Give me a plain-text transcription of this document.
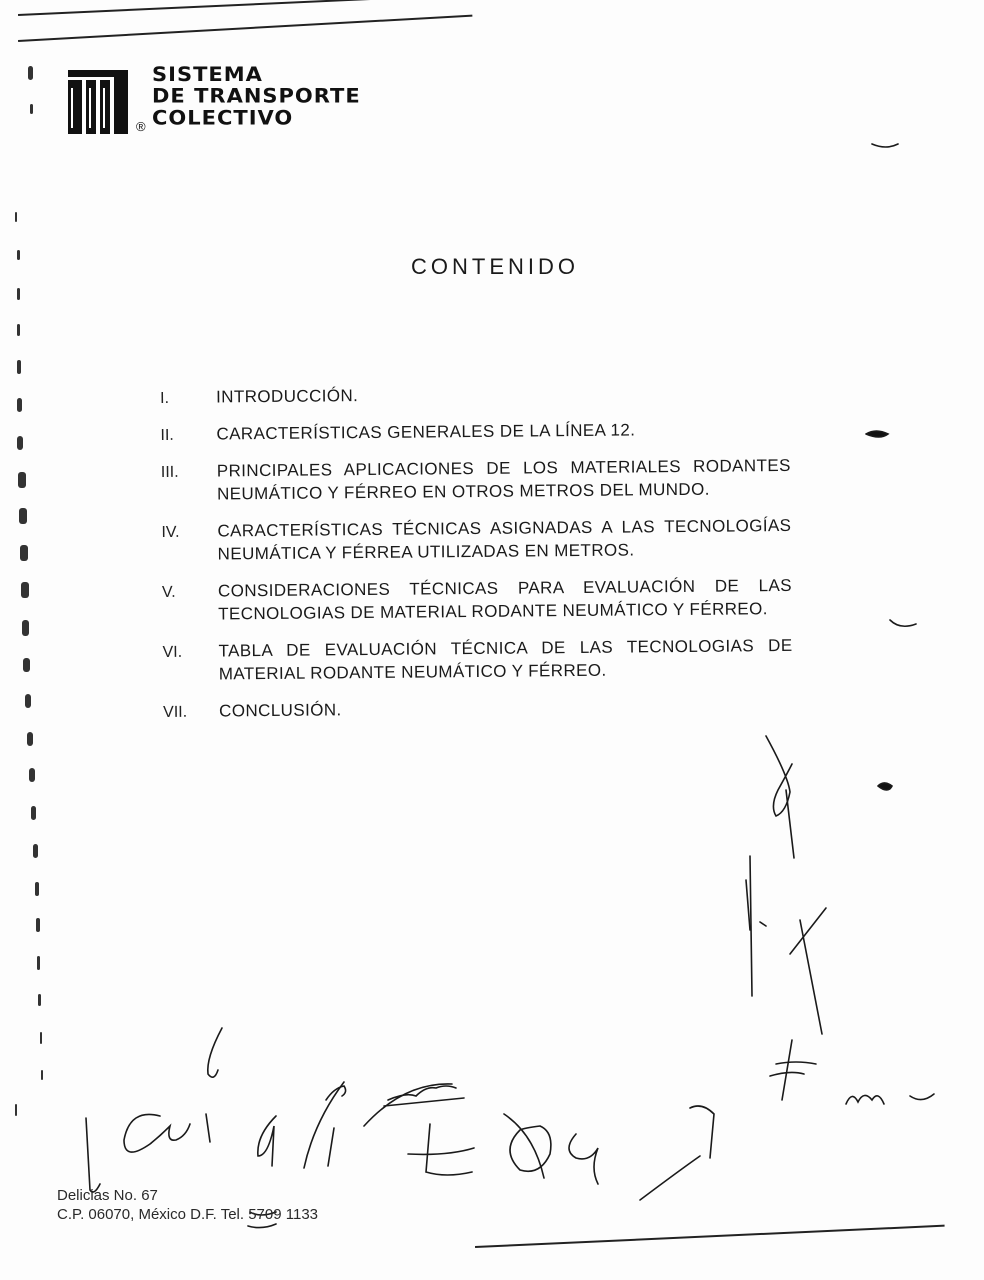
®
SISTEMA
DE TRANSPORTE
COLECTIVO
CONTENIDO
I.	INTRODUCCIÓN.
II. CARACTERÍSTICAS GENERALES DE LA LÍNEA 12.
III. PRINCIPALES APLICACIONES DE LOS MATERIALES RODANTES NEUMÁTICO Y FÉRREO EN OTROS METROS DEL MUNDO.
IV. CARACTERÍSTICAS TÉCNICAS ASIGNADAS A LAS TECNOLOGÍAS NEUMÁTICA Y FÉRREA UTILIZADAS EN METROS.
V. CONSIDERACIONES TÉCNICAS PARA EVALUACIÓN DE LAS TECNOLOGIAS DE MATERIAL RODANTE NEUMÁTICO Y FÉRREO.
VI. TABLA DE EVALUACIÓN TÉCNICA DE LAS TECNOLOGIAS DE MATERIAL RODANTE NEUMÁTICO Y FÉRREO.
VII. CONCLUSIÓN.
Delicias No. 67
C.P. 06070, México D.F. Tel. 5709 1133
